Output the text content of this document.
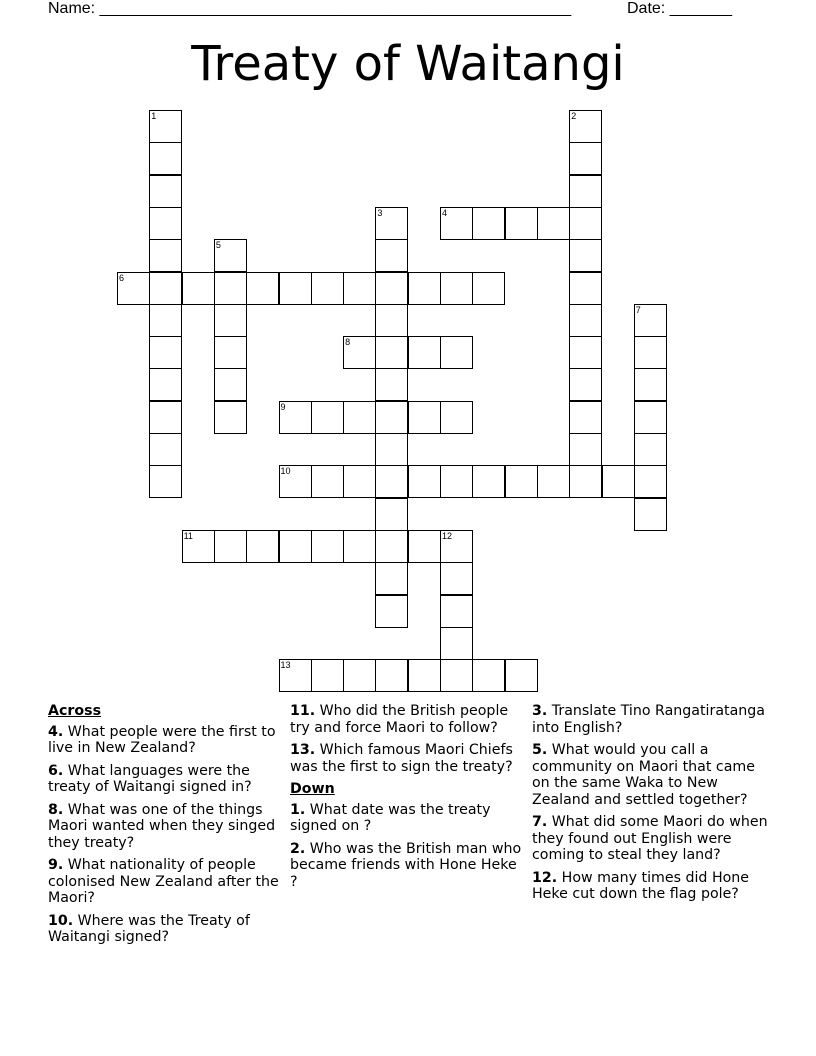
Name: _____________________________________________________	Date: _______
Treaty of Waitangi
1	2
3	4
5
6
7
8
9
10
11	12
13
Across
4. What people were the first to live in New Zealand?
6. What languages were the treaty of Waitangi signed in?
8. What was one of the things Maori wanted when they singed they treaty?
9. What nationality of people colonised New Zealand after the Maori?
10. Where was the Treaty of Waitangi signed?
11. Who did the British people try and force Maori to follow?
13. Which famous Maori Chiefs was the first to sign the treaty?
Down
1. What date was the treaty signed on ?
2. Who was the British man who became friends with Hone Heke ?
3. Translate Tino Rangatiratanga into English?
5. What would you call a community on Maori that came on the same Waka to New Zealand and settled together?
7. What did some Maori do when they found out English were coming to steal they land?
12. How many times did Hone Heke cut down the flag pole?
